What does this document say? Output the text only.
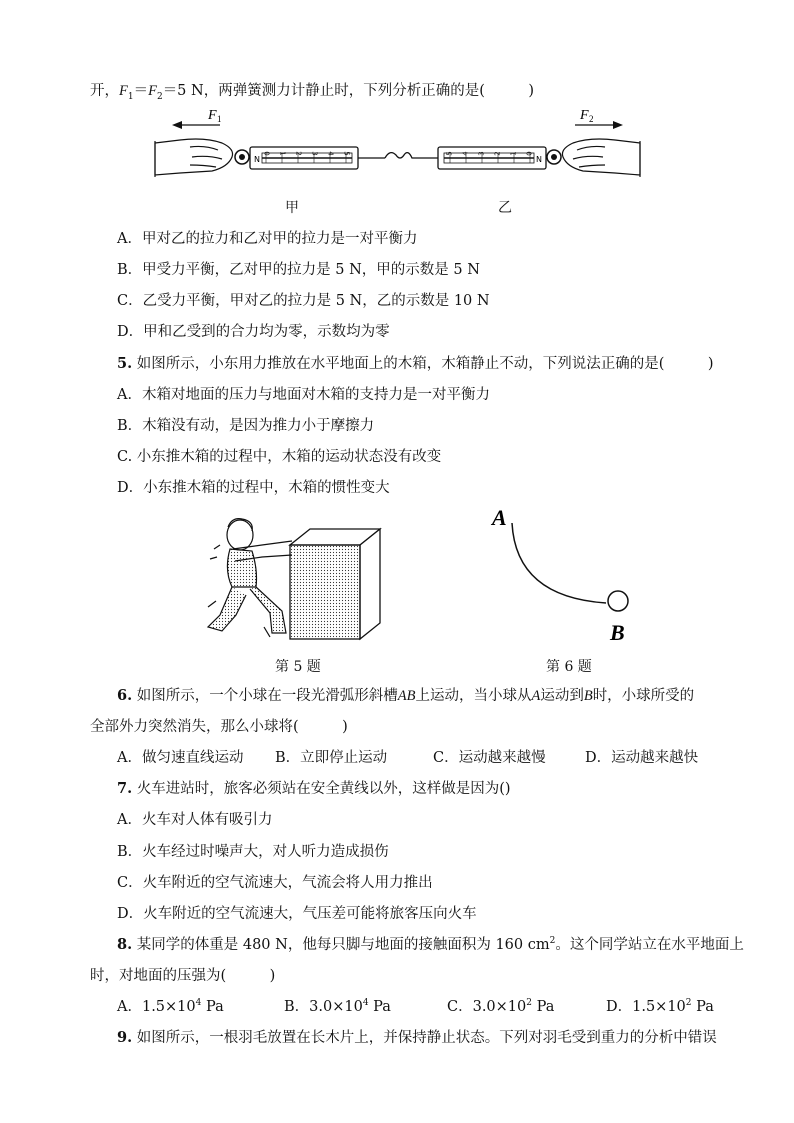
开，$F_1=F_2=5$ N，两弹簧测力计静止时，下列分析正确的是(　　　)
F 1	F 2
N	N
甲	乙
A．甲对乙的拉力和乙对甲的拉力是一对平衡力
B．甲受力平衡，乙对甲的拉力是 5 N，甲的示数是 5 N
C．乙受力平衡，甲对乙的拉力是 5 N，乙的示数是 10 N
D．甲和乙受到的合力均为零，示数均为零
5. 如图所示，小东用力推放在水平地面上的木箱，木箱静止不动，下列说法正确的是(　　　)
A．木箱对地面的压力与地面对木箱的支持力是一对平衡力
B．木箱没有动，是因为推力小于摩擦力
C. 小东推木箱的过程中，木箱的运动状态没有改变
D．小东推木箱的过程中，木箱的惯性变大
第 5 题
A
B
第 6 题
6. 如图所示，一个小球在一段光滑弧形斜槽AB上运动，当小球从A运动到B时，小球所受的
全部外力突然消失，那么小球将(　　　)
A．做匀速直线运动 B．立即停止运动	C．运动越来越慢	D．运动越来越快
7. 火车进站时，旅客必须站在安全黄线以外，这样做是因为()
A．火车对人体有吸引力
B．火车经过时噪声大，对人听力造成损伤
C．火车附近的空气流速大，气流会将人用力推出
D．火车附近的空气流速大，气压差可能将旅客压向火车
8. 某同学的体重是 480 N，他每只脚与地面的接触面积为 160 $cm^2$。这个同学站立在水平地面上
时，对地面的压强为(　　　)
A．$1.5\times 10^4$ Pa	B．$3.0\times 10^4$ Pa	C．$3.0\times 10^2$ Pa	D．$1.5\times 10^2$ Pa
9. 如图所示，一根羽毛放置在长木片上，并保持静止状态。下列对羽毛受到重力的分析中错误
0 1 2 3 4 5	0
1
2
3
4
5
